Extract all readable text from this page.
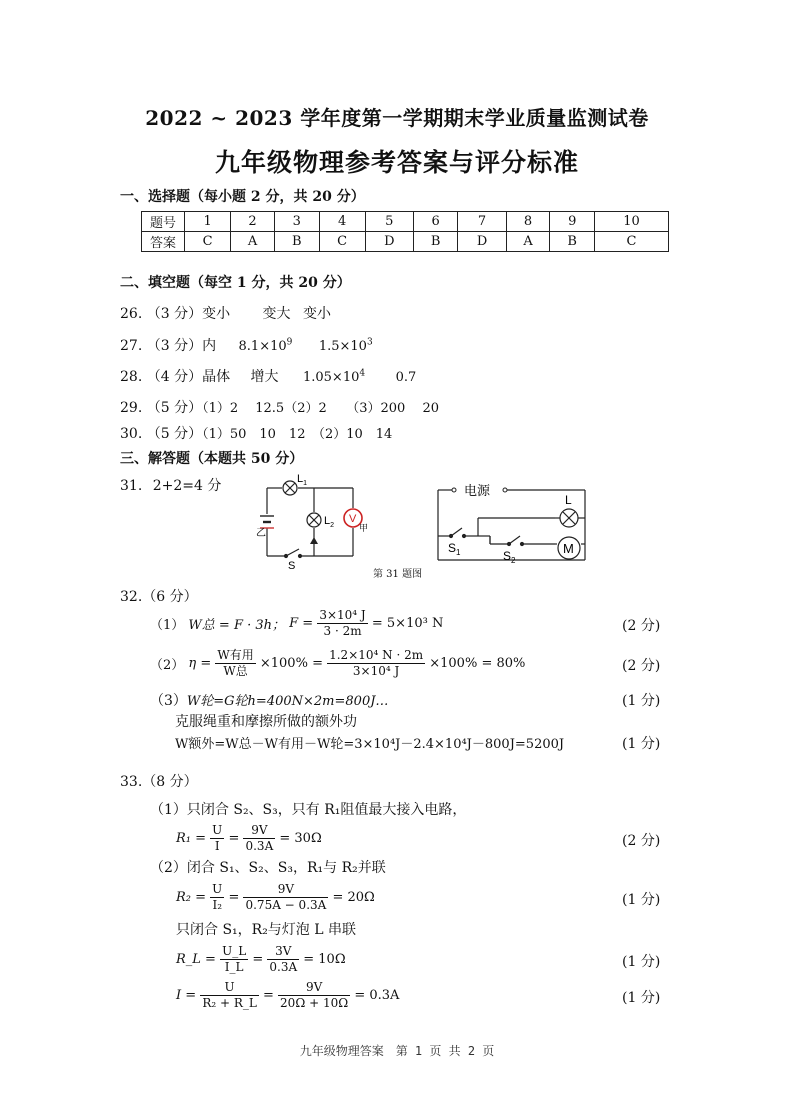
2022 ~ 2023 学年度第一学期期末学业质量监测试卷
九年级物理参考答案与评分标准
一、选择题（每小题 2 分，共 20 分）
题号	1	2	3	4	5	6	7	8	9	10
答案	C	A	B	C	D	B	D	A	B	C
二、填空题（每空 1 分，共 20 分）
26. （3 分）变小 变大 变小
27. （3 分）内 $8.1\times 10^9$ $1.5\times 10^3$
28. （4 分）晶体 增大 $1.05\times 10^4$ 0.7
29. （5 分）（1）2　 12.5（2）2　　（3）200　 20
30. （5 分）（1）50　10　12　（2）10　14
三、解答题（本题共 50 分）
31. 2+2=4 分
乙
$L_1$
$L_2$
V
甲
S
电源
L
M
$S_1$	$S_2$
第 31 题图
32.（6 分）
（1） W总 = F · 3h； $F = \frac{\text{3×10⁴ J}}{3 \cdot 2m} = 5\times 10^3$ N	(2 分)
（2） $\eta = \frac{\text{W有用}}{\text{W总}} \times 100\% = \frac{\text{1.2×10⁴ N · 2m}}{\text{3×10⁴ J}} \times 100\% = 80\%$	(2 分)
（3）W轮=G轮h=400N×2m=800J…	(1 分)
克服绳重和摩擦所做的额外功
W额外=W总－W有用－W轮=3×10⁴J－2.4×10⁴J－800J=5200J	(1 分)
33.（8 分）
（1）只闭合 S₂、S₃，只有 R₁阻值最大接入电路，
$R_1 = \frac{U}{I} = \frac{9V}{0.3A} = 30\Omega$	(2 分)
（2）闭合 S₁、S₂、S₃，R₁与 R₂并联
$R_2 = \frac{U}{\text{I₂}} = \frac{9V}{0.75A - 0.3A} = 20\Omega$	(1 分)
只闭合 S₁，R₂与灯泡 L 串联
R_L = $\frac{U\_L}{I\_L} = \frac{3V}{0.3A} = 10\Omega$	(1 分)
$I = \frac{U}{\text{R₂ + R\_L}} = \frac{9V}{20\Omega + 10\Omega} = 0.3A$	(1 分)
九年级物理答案　第 1 页 共 2 页
